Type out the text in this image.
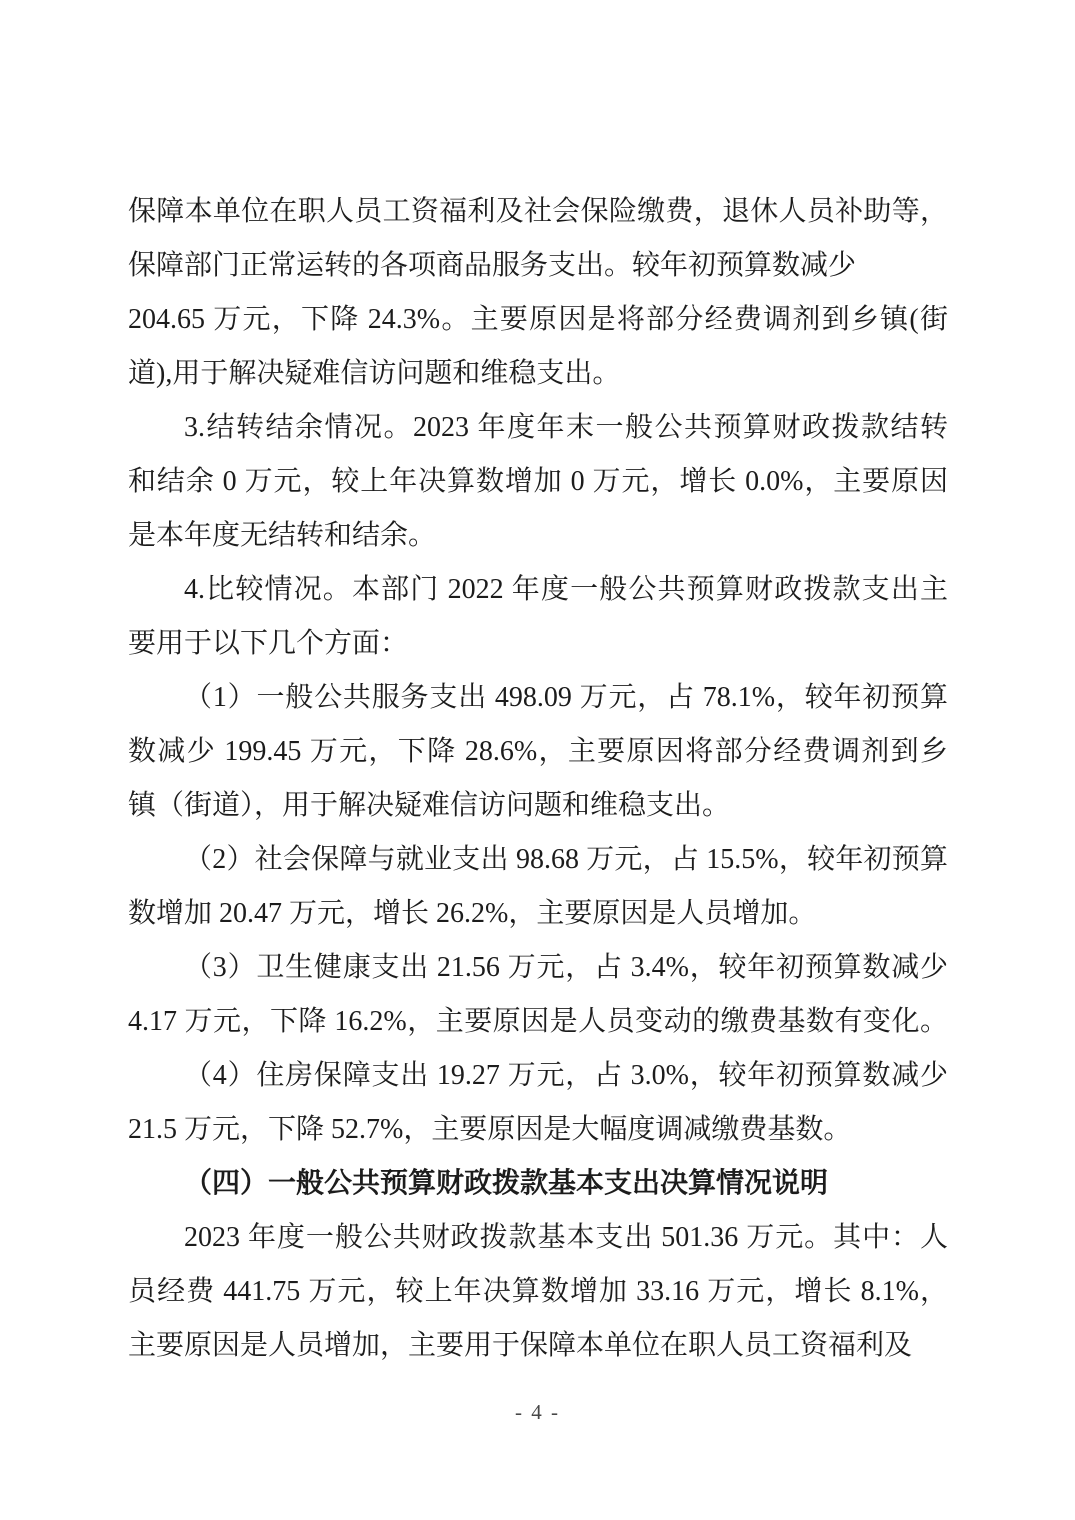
保障本单位在职人员工资福利及社会保险缴费，退休人员补助等，
保障部门正常运转的各项商品服务支出。较年初预算数减少
204.65 万元，下降 24.3%。主要原因是将部分经费调剂到乡镇(街
道),用于解决疑难信访问题和维稳支出。
3.结转结余情况。2023 年度年末一般公共预算财政拨款结转
和结余 0 万元，较上年决算数增加 0 万元，增长 0.0%，主要原因
是本年度无结转和结余。
4.比较情况。本部门 2022 年度一般公共预算财政拨款支出主
要用于以下几个方面：
（1）一般公共服务支出 498.09 万元，占 78.1%，较年初预算
数减少 199.45 万元，下降 28.6%，主要原因将部分经费调剂到乡
镇（街道），用于解决疑难信访问题和维稳支出。
（2）社会保障与就业支出 98.68 万元，占 15.5%，较年初预算
数增加 20.47 万元，增长 26.2%，主要原因是人员增加。
（3）卫生健康支出 21.56 万元，占 3.4%，较年初预算数减少
4.17 万元，下降 16.2%，主要原因是人员变动的缴费基数有变化。
（4）住房保障支出 19.27 万元，占 3.0%，较年初预算数减少
21.5 万元，下降 52.7%，主要原因是大幅度调减缴费基数。
（四）一般公共预算财政拨款基本支出决算情况说明
2023 年度一般公共财政拨款基本支出 501.36 万元。其中：人
员经费 441.75 万元，较上年决算数增加 33.16 万元，增长 8.1%，
主要原因是人员增加，主要用于保障本单位在职人员工资福利及
- 4 -
